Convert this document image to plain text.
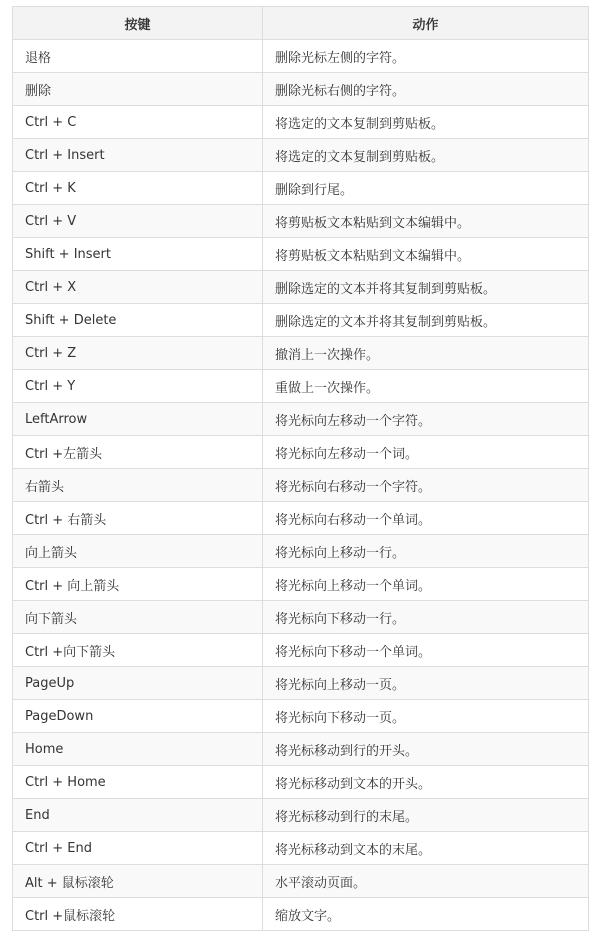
按键	动作
退格	删除光标左侧的字符。
删除	删除光标右侧的字符。
Ctrl + C	将选定的文本复制到剪贴板。
Ctrl + Insert	将选定的文本复制到剪贴板。
Ctrl + K	删除到行尾。
Ctrl + V	将剪贴板文本粘贴到文本编辑中。
Shift + Insert	将剪贴板文本粘贴到文本编辑中。
Ctrl + X	删除选定的文本并将其复制到剪贴板。
Shift + Delete	删除选定的文本并将其复制到剪贴板。
Ctrl + Z	撤消上一次操作。
Ctrl + Y	重做上一次操作。
LeftArrow	将光标向左移动一个字符。
Ctrl +左箭头	将光标向左移动一个词。
右箭头	将光标向右移动一个字符。
Ctrl + 右箭头	将光标向右移动一个单词。
向上箭头	将光标向上移动一行。
Ctrl + 向上箭头	将光标向上移动一个单词。
向下箭头	将光标向下移动一行。
Ctrl +向下箭头	将光标向下移动一个单词。
PageUp	将光标向上移动一页。
PageDown	将光标向下移动一页。
Home	将光标移动到行的开头。
Ctrl + Home	将光标移动到文本的开头。
End	将光标移动到行的末尾。
Ctrl + End	将光标移动到文本的末尾。
Alt + 鼠标滚轮	水平滚动页面。
Ctrl +鼠标滚轮	缩放文字。
